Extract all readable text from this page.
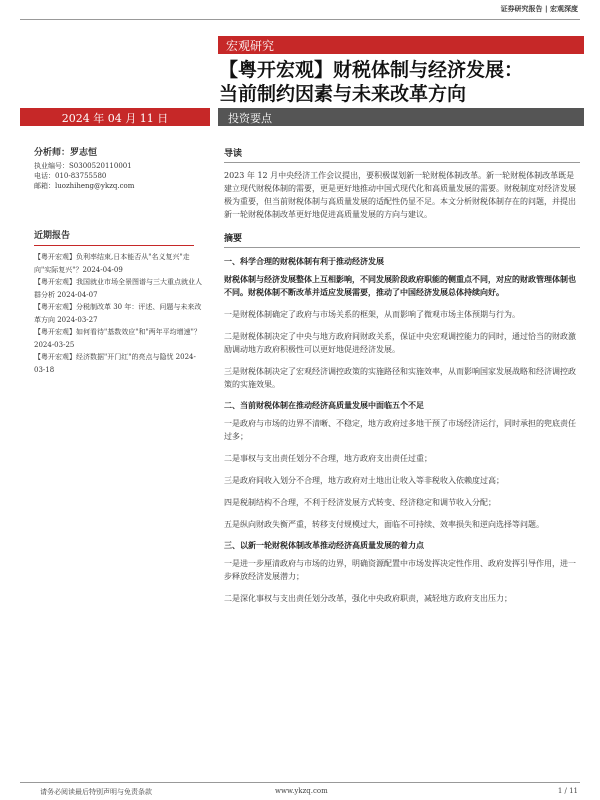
证券研究报告 | 宏观深度
宏观研究
【粤开宏观】财税体制与经济发展：
当前制约因素与未来改革方向
2024 年 04 月 11 日	投资要点
分析师：罗志恒
执业编号：S0300520110001
电话：010-83755580
邮箱：luozhiheng@ykzq.com
近期报告
【粤开宏观】负利率结束,日本能否从"名义复兴"走向"实际复兴"？2024-04-09
【粤开宏观】我国就业市场全景图谱与三大重点就业人群分析 2024-04-07
【粤开宏观】分税制改革 30 年：评述、问题与未来改革方向 2024-03-27
【粤开宏观】如何看待"基数效应"和"两年平均增速"？2024-03-25
【粤开宏观】经济数据"开门红"的亮点与隐忧 2024-03-18
导读

2023 年 12 月中央经济工作会议提出，要积极谋划新一轮财税体制改革。新一轮财税体制改革既是建立现代财税体制的需要，更是更好地推动中国式现代化和高质量发展的需要。财税制度对经济发展极为重要，但当前财税体制与高质量发展的适配性仍显不足。本文分析财税体制存在的问题，并提出新一轮财税体制改革更好地促进高质量发展的方向与建议。

摘要
一、科学合理的财税体制有利于推动经济发展

财税体制与经济发展整体上互相影响，不同发展阶段政府职能的侧重点不同，对应的财政管理体制也不同。财税体制不断改革并适应发展需要，推动了中国经济发展总体持续向好。

一是财税体制确定了政府与市场关系的框架，从而影响了微观市场主体预期与行为。

二是财税体制决定了中央与地方政府间财政关系，保证中央宏观调控能力的同时，通过恰当的财政激励调动地方政府积极性可以更好地促进经济发展。

三是财税体制决定了宏观经济调控政策的实施路径和实施效率，从而影响国家发展战略和经济调控政策的实施效果。

二、当前财税体制在推动经济高质量发展中面临五个不足

一是政府与市场的边界不清晰、不稳定，地方政府过多地干预了市场经济运行，同时承担的兜底责任过多；

二是事权与支出责任划分不合理，地方政府支出责任过重；

三是政府间收入划分不合理，地方政府对土地出让收入等非税收入依赖度过高；

四是税制结构不合理，不利于经济发展方式转变、经济稳定和调节收入分配；

五是纵向财政失衡严重，转移支付规模过大，面临不可持续、效率损失和逆向选择等问题。

三、以新一轮财税体制改革推动经济高质量发展的着力点

一是进一步厘清政府与市场的边界，明确资源配置中市场发挥决定性作用、政府发挥引导作用，进一步释放经济发展潜力；

二是深化事权与支出责任划分改革，强化中央政府职责，减轻地方政府支出压力；

请务必阅读最后特别声明与免责条款	www.ykzq.com	1 / 11
